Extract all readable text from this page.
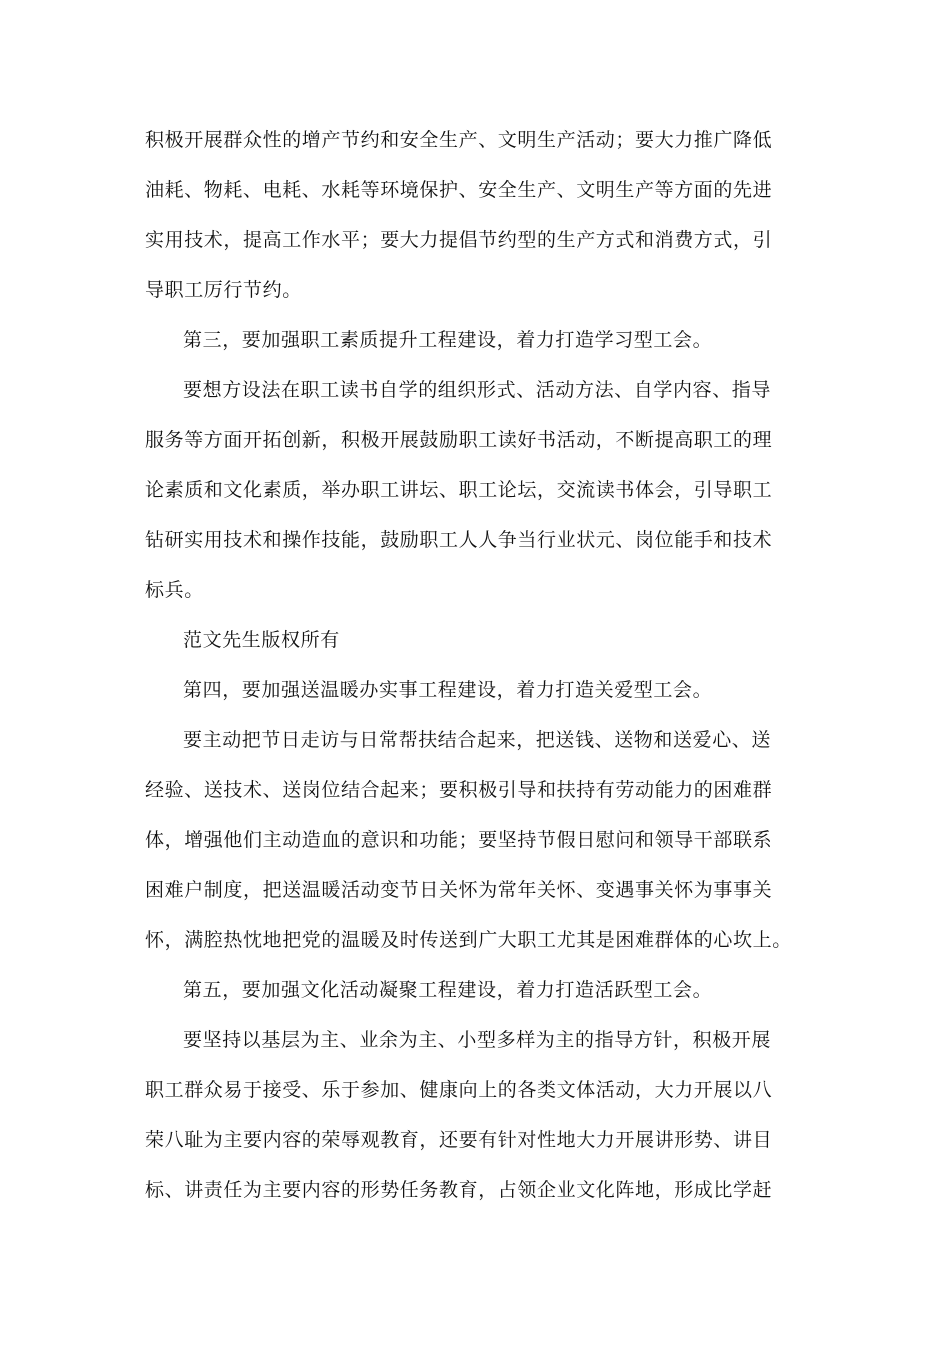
积极开展群众性的增产节约和安全生产、文明生产活动；要大力推广降低
油耗、物耗、电耗、水耗等环境保护、安全生产、文明生产等方面的先进
实用技术，提高工作水平；要大力提倡节约型的生产方式和消费方式，引
导职工厉行节约。
第三，要加强职工素质提升工程建设，着力打造学习型工会。
要想方设法在职工读书自学的组织形式、活动方法、自学内容、指导
服务等方面开拓创新，积极开展鼓励职工读好书活动，不断提高职工的理
论素质和文化素质，举办职工讲坛、职工论坛，交流读书体会，引导职工
钻研实用技术和操作技能，鼓励职工人人争当行业状元、岗位能手和技术
标兵。
范文先生版权所有
第四，要加强送温暖办实事工程建设，着力打造关爱型工会。
要主动把节日走访与日常帮扶结合起来，把送钱、送物和送爱心、送
经验、送技术、送岗位结合起来；要积极引导和扶持有劳动能力的困难群
体，增强他们主动造血的意识和功能；要坚持节假日慰问和领导干部联系
困难户制度，把送温暖活动变节日关怀为常年关怀、变遇事关怀为事事关
怀，满腔热忱地把党的温暖及时传送到广大职工尤其是困难群体的心坎上。
第五，要加强文化活动凝聚工程建设，着力打造活跃型工会。
要坚持以基层为主、业余为主、小型多样为主的指导方针，积极开展
职工群众易于接受、乐于参加、健康向上的各类文体活动，大力开展以八
荣八耻为主要内容的荣辱观教育，还要有针对性地大力开展讲形势、讲目
标、讲责任为主要内容的形势任务教育，占领企业文化阵地，形成比学赶
